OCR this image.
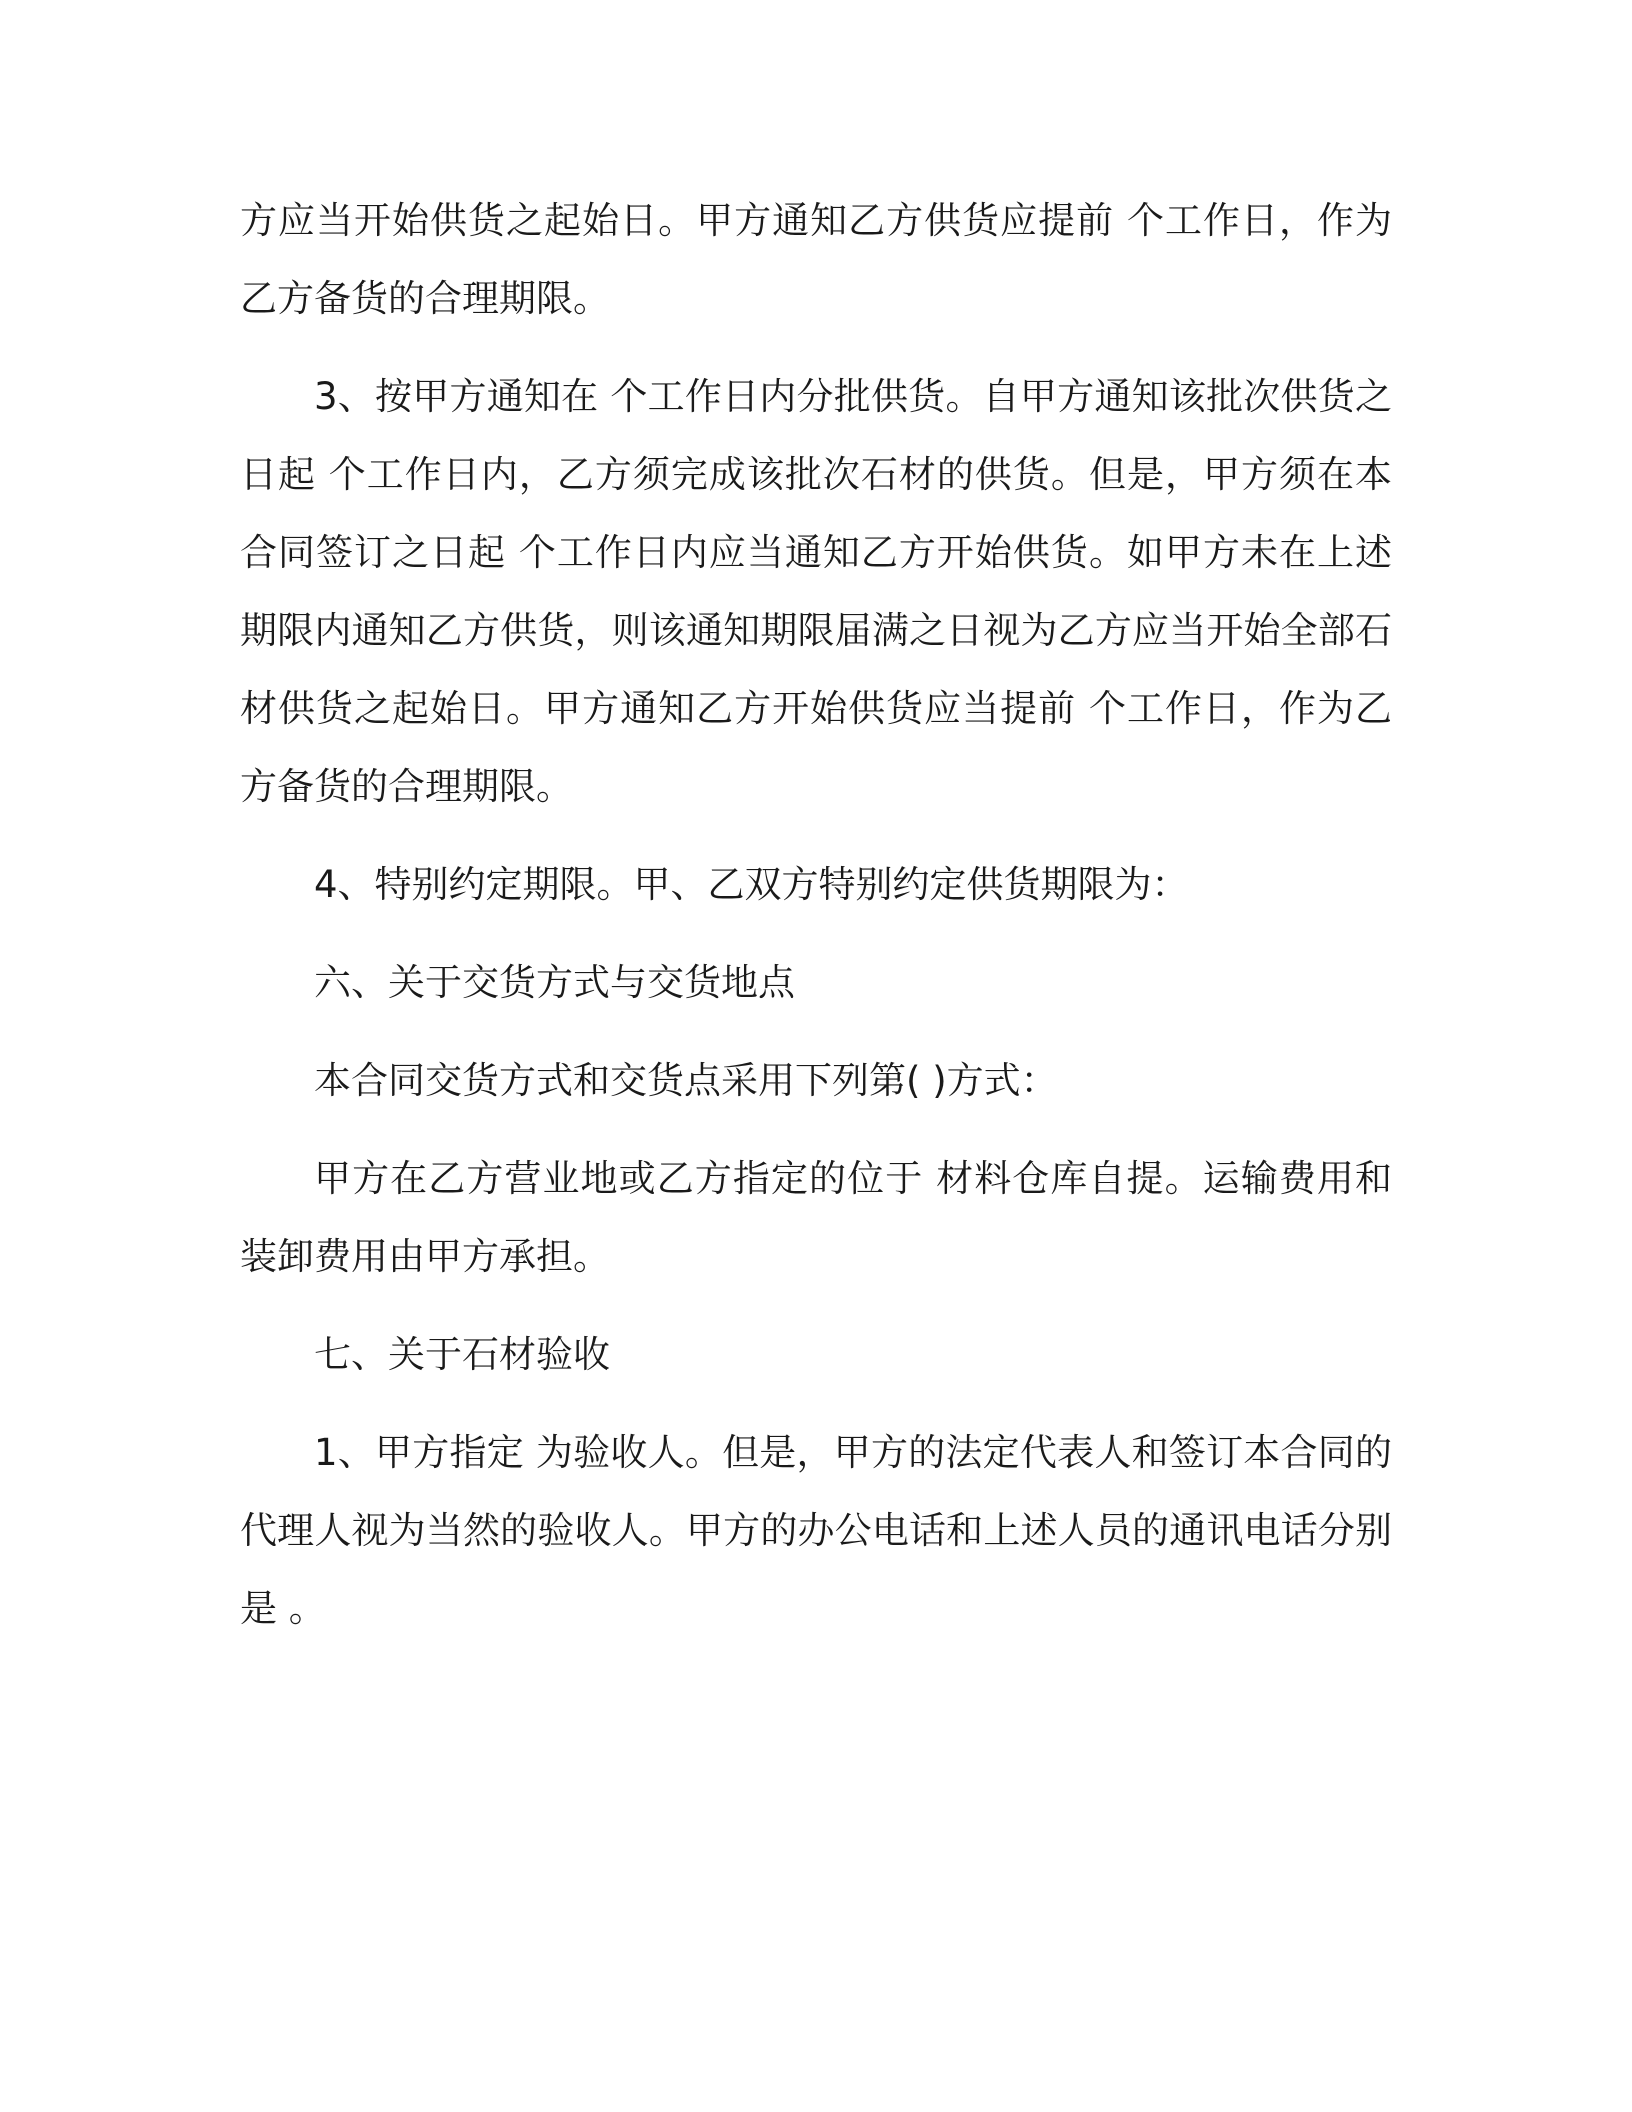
方应当开始供货之起始日。甲方通知乙方供货应提前 个工作日，作为乙方备货的合理期限。

3、按甲方通知在 个工作日内分批供货。自甲方通知该批次供货之日起 个工作日内，乙方须完成该批次石材的供货。但是，甲方须在本合同签订之日起 个工作日内应当通知乙方开始供货。如甲方未在上述期限内通知乙方供货，则该通知期限届满之日视为乙方应当开始全部石材供货之起始日。甲方通知乙方开始供货应当提前 个工作日，作为乙方备货的合理期限。

4、特别约定期限。甲、乙双方特别约定供货期限为：

六、关于交货方式与交货地点

本合同交货方式和交货点采用下列第( )方式：

甲方在乙方营业地或乙方指定的位于 材料仓库自提。运输费用和装卸费用由甲方承担。

七、关于石材验收

1、甲方指定 为验收人。但是，甲方的法定代表人和签订本合同的代理人视为当然的验收人。甲方的办公电话和上述人员的通讯电话分别是 。
